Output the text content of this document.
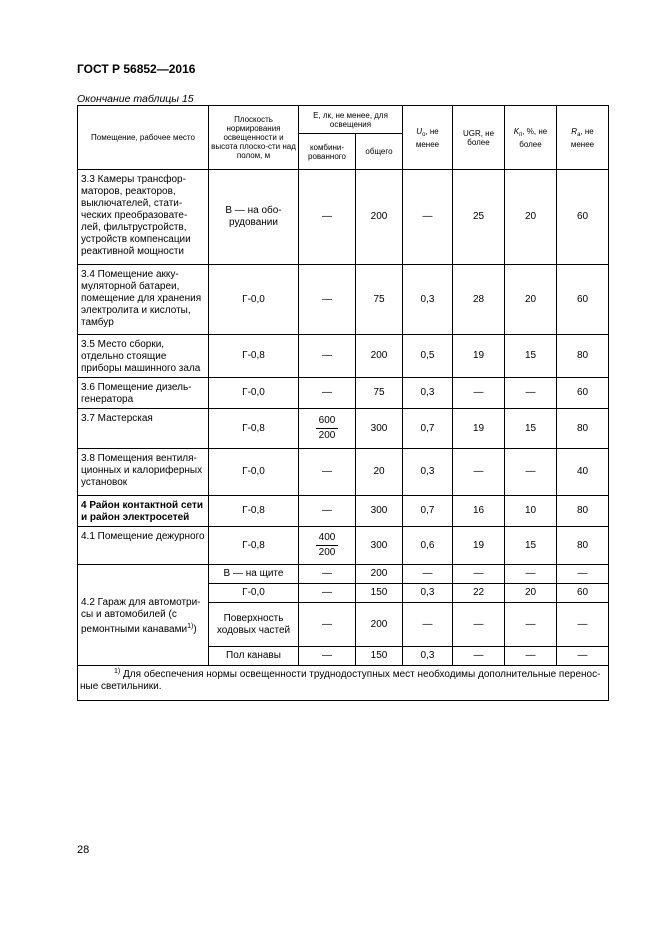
ГОСТ Р 56852—2016
Окончание таблицы 15
Помещение, рабочее место	Плоскость нормирования освещенности и высота плоско-сти над полом, м	E, лк, не менее, для освещения		$U_o$, не менее	UGR, не более	$K_п$, %, не более	$R_a$, не менее
		комбини-рованного	общего				
3.3 Камеры трансфор-маторов, реакторов, выключателей, стати-ческих преобразовате-лей, фильтрустройств, устройств компенсации реактивной мощности	В — на обо-рудовании	—	200	—	25	20	60
3.4 Помещение акку-муляторной батареи, помещение для хранения электролита и кислоты, тамбур	Г-0,0	—	75	0,3	28	20	60
3.5 Место сборки, отдельно стоящие приборы машинного зала	Г-0,8	—	200	0,5	19	15	80
3.6 Помещение дизель-генератора	Г-0,0	—	75	0,3	—	—	60
3.7 Мастерская	Г-0,8	$\frac{600}{200}$	300	0,7	19	15	80
3.8 Помещения вентиля-ционных и калориферных установок	Г-0,0	—	20	0,3	—	—	40
4 Район контактной сети и район электросетей	Г-0,8	—	300	0,7	16	10	80
4.1 Помещение дежурного	Г-0,8	$\frac{400}{200}$	300	0,6	19	15	80
4.2 Гараж для автомотри-сы и автомобилей (с ремонтными канавами$^{1)}$)	В — на щите	—	200	—	—	—	—
	Г-0,0	—	150	0,3	22	20	60
	Поверхность ходовых частей	—	200	—	—	—	—
	Пол канавы	—	150	0,3	—	—	—
$^{1)}$ Для обеспечения нормы освещенности труднодоступных мест необходимы дополнительные перенос-ные светильники.							
28
